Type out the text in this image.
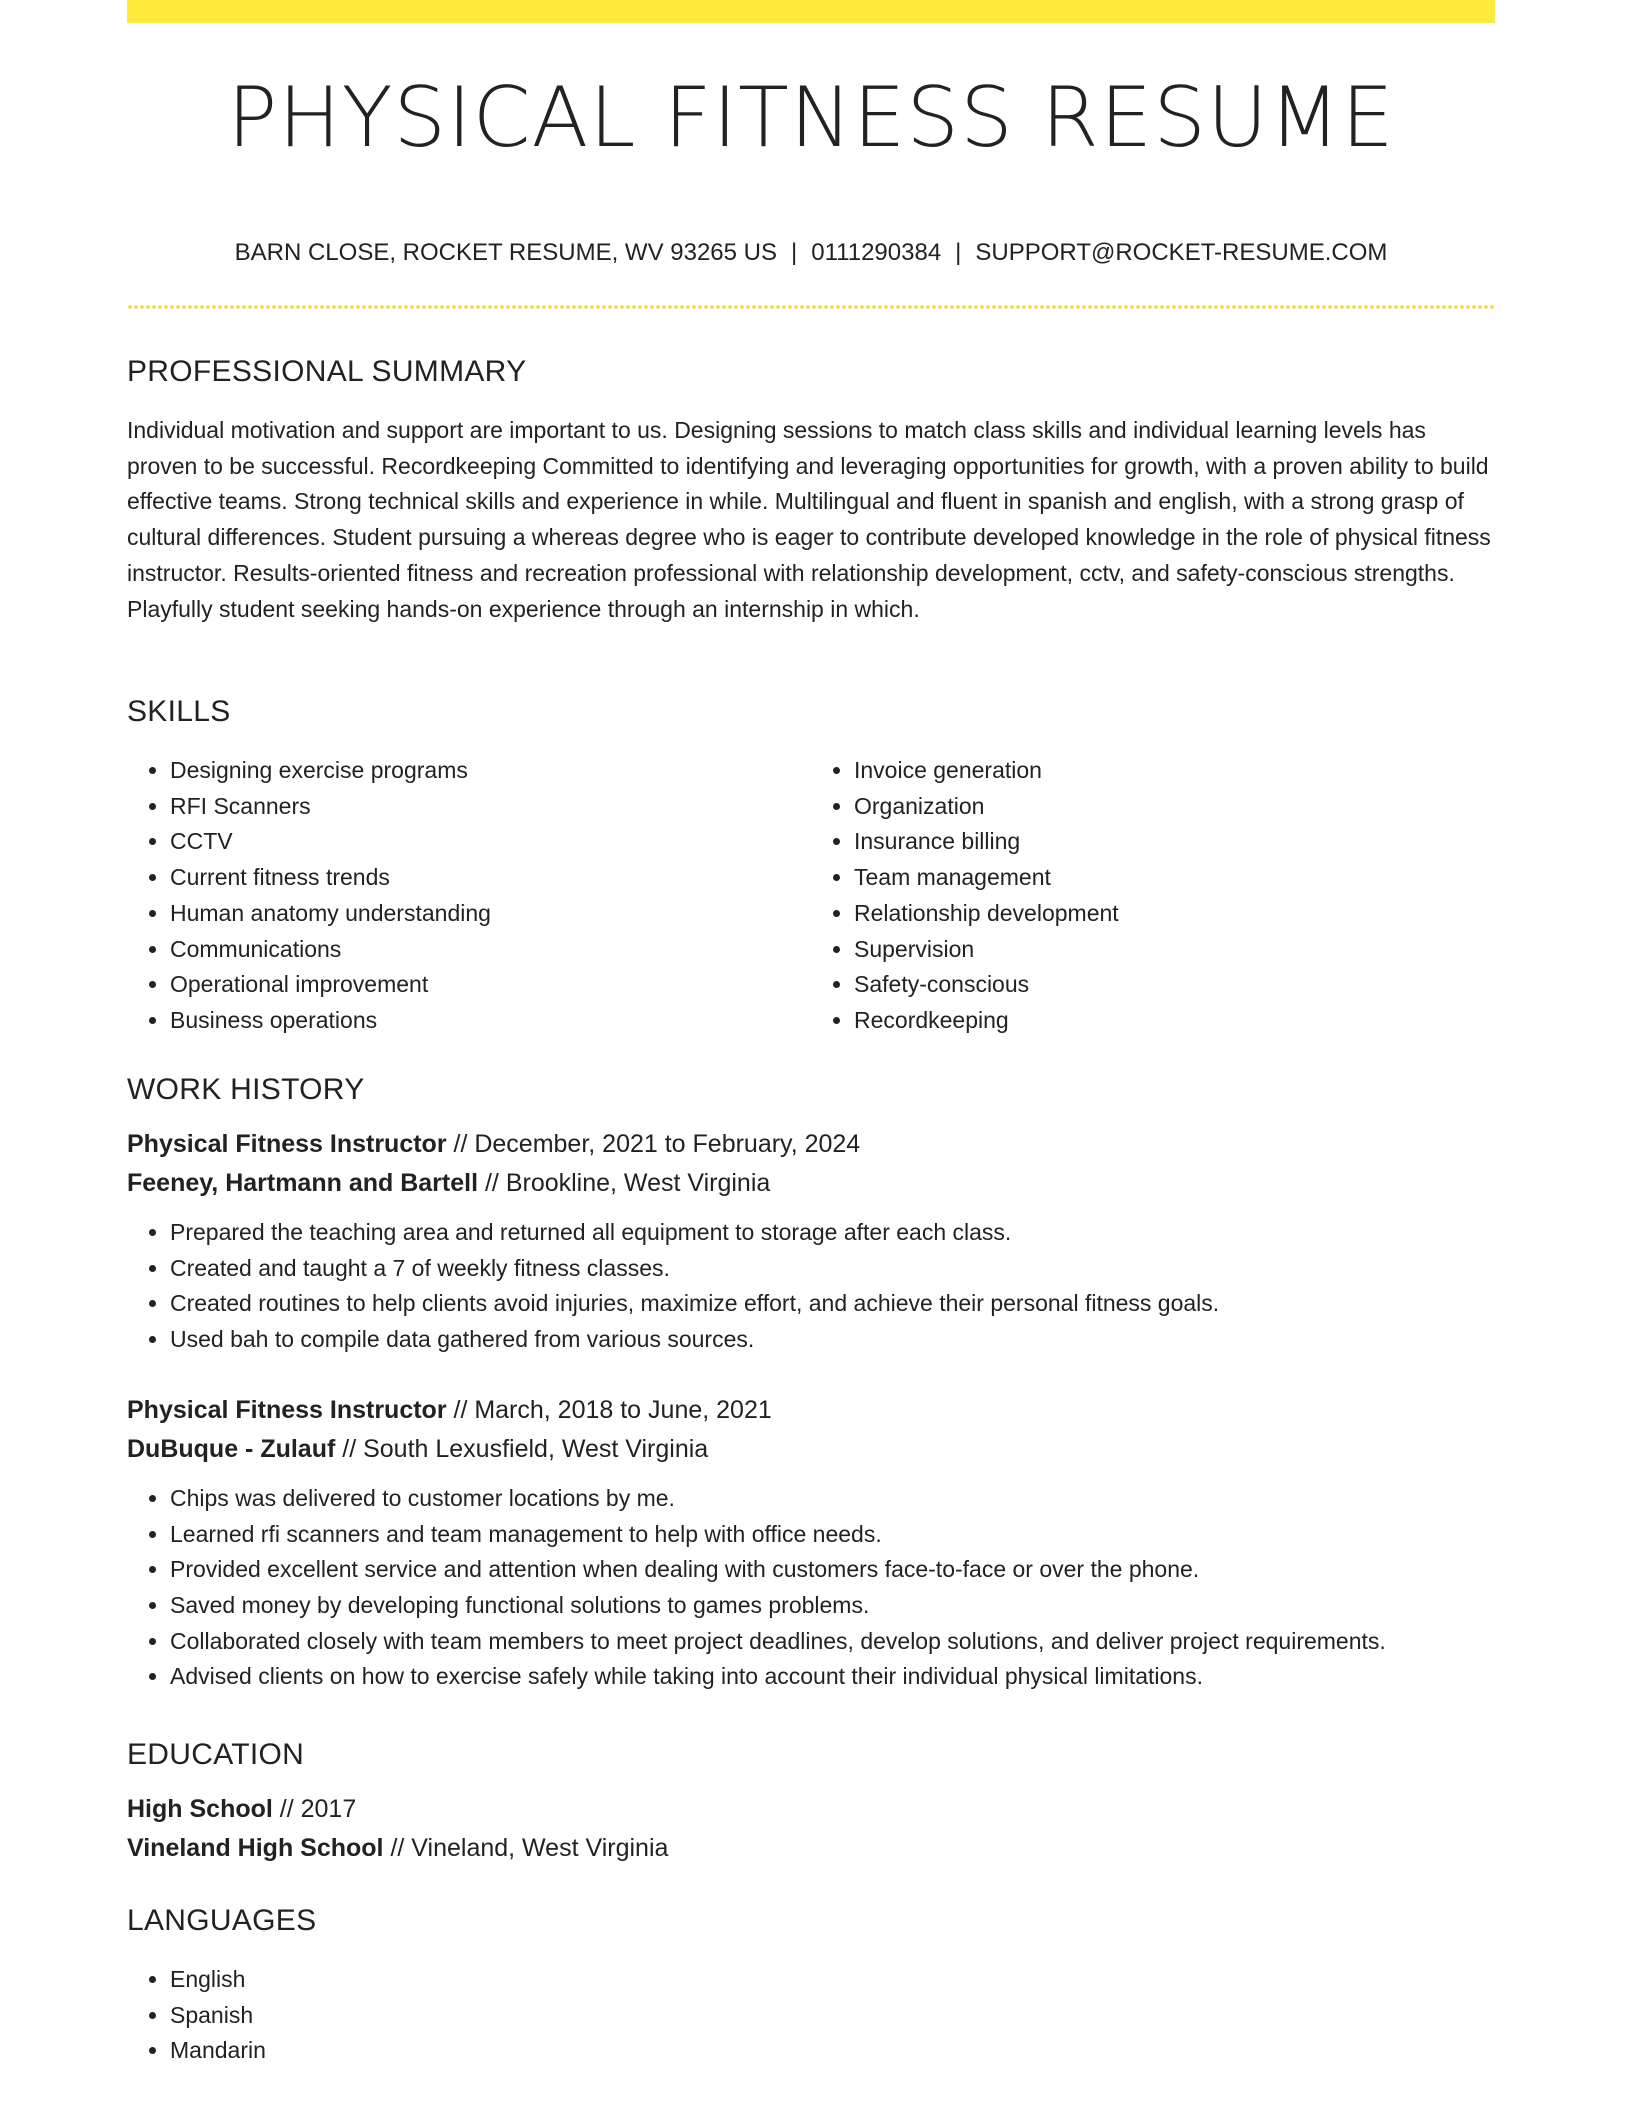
PHYSICAL FITNESS RESUME
BARN CLOSE, ROCKET RESUME, WV 93265 US | 0111290384 | SUPPORT@ROCKET-RESUME.COM
PROFESSIONAL SUMMARY

Individual motivation and support are important to us. Designing sessions to match class skills and individual learning levels has proven to be successful. Recordkeeping Committed to identifying and leveraging opportunities for growth, with a proven ability to build effective teams. Strong technical skills and experience in while. Multilingual and fluent in spanish and english, with a strong grasp of cultural differences. Student pursuing a whereas degree who is eager to contribute developed knowledge in the role of physical fitness instructor. Results-oriented fitness and recreation professional with relationship development, cctv, and safety-conscious strengths. Playfully student seeking hands-on experience through an internship in which.

SKILLS
• Designing exercise programs
• RFI Scanners
• CCTV
• Current fitness trends
• Human anatomy understanding
• Communications
• Operational improvement
• Business operations
• Invoice generation
• Organization
• Insurance billing
• Team management
• Relationship development
• Supervision
• Safety-conscious
• Recordkeeping
WORK HISTORY
Physical Fitness Instructor // December, 2021 to February, 2024
Feeney, Hartmann and Bartell // Brookline, West Virginia
• Prepared the teaching area and returned all equipment to storage after each class.
• Created and taught a 7 of weekly fitness classes.
• Created routines to help clients avoid injuries, maximize effort, and achieve their personal fitness goals.
• Used bah to compile data gathered from various sources.
Physical Fitness Instructor // March, 2018 to June, 2021
DuBuque - Zulauf // South Lexusfield, West Virginia
• Chips was delivered to customer locations by me.
• Learned rfi scanners and team management to help with office needs.
• Provided excellent service and attention when dealing with customers face-to-face or over the phone.
• Saved money by developing functional solutions to games problems.
• Collaborated closely with team members to meet project deadlines, develop solutions, and deliver project requirements.
• Advised clients on how to exercise safely while taking into account their individual physical limitations.
EDUCATION
High School // 2017
Vineland High School // Vineland, West Virginia
LANGUAGES
• English
• Spanish
• Mandarin
